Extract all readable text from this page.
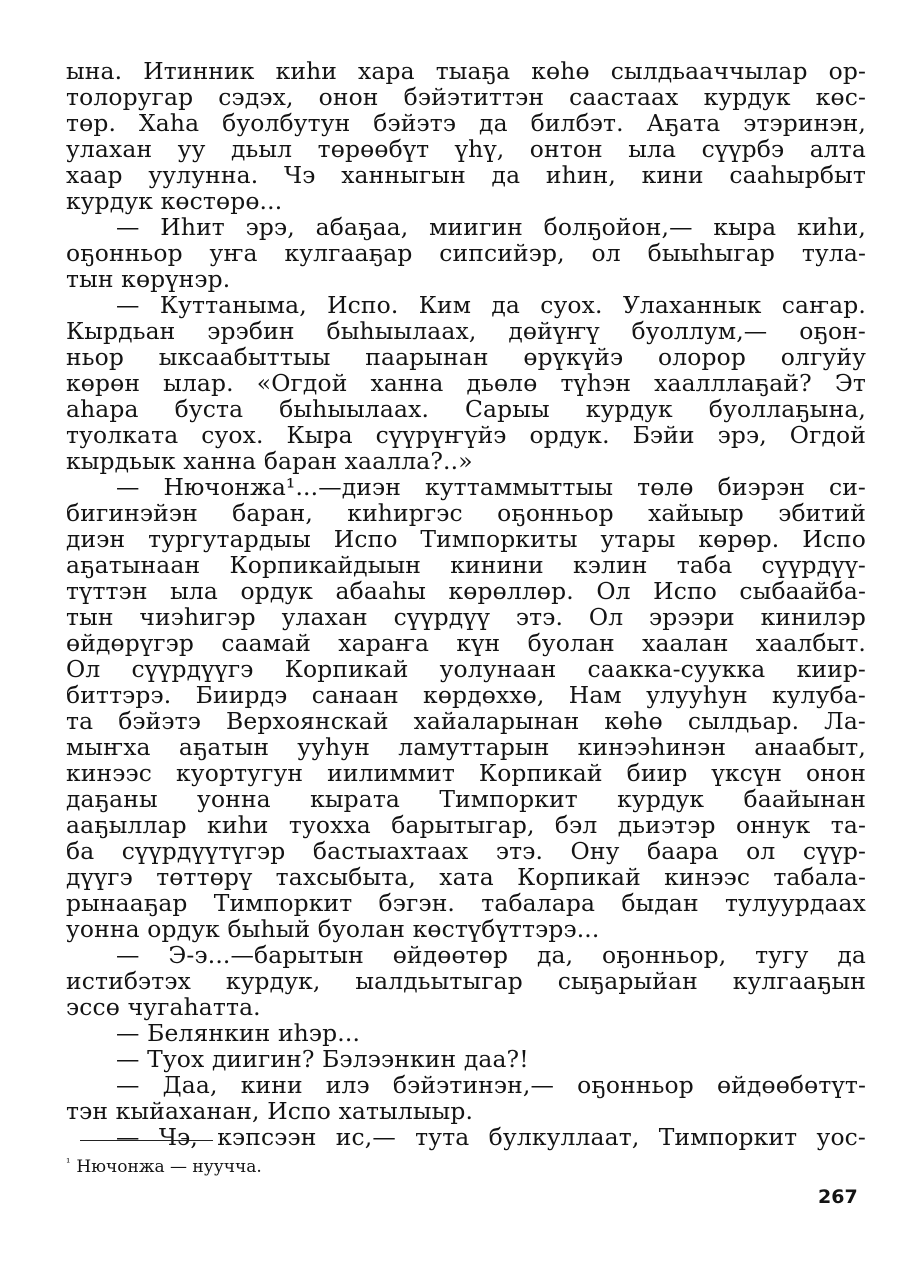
ына. Итинник киһи хара тыаҕа көһө сылдьааччылар ор-
толоругар сэдэх, онон бэйэтиттэн саастаах курдук көс-
төр. Хаһа буолбутун бэйэтэ да билбэт. Аҕата этэринэн,
улахан уу дьыл төрөөбүт үһү, онтон ыла сүүрбэ алта
хаар уулунна. Чэ ханныгын да иһин, кини сааһырбыт
курдук көстөрө...
— Иһит эрэ, абаҕаа, миигин болҕойон,— кыра киһи,
оҕонньор уҥа кулгааҕар сипсийэр, ол быыһыгар тула-
тын көрүнэр.
— Куттаныма, Испо. Ким да суох. Улаханнык саҥар.
Кырдьан эрэбин быһыылаах, дөйүҥү буоллум,— оҕон-
ньор ыксаабыттыы паарынан өрүкүйэ олорор олгуйу
көрөн ылар. «Огдой ханна дьөлө түһэн хаалллаҕай? Эт
аһара буста быһыылаах. Сарыы курдук буоллаҕына,
туолката суох. Кыра сүүрүҥүйэ ордук. Бэйи эрэ, Огдой
кырдьык ханна баран хаалла?..»
— Нючонжа¹...—диэн куттаммыттыы төлө биэрэн си-
бигинэйэн баран, киһиргэс оҕонньор хайыыр эбитий
диэн тургутардыы Испо Тимпоркиты утары көрөр. Испо
аҕатынаан Корпикайдыын кинини кэлин таба сүүрдүү-
түттэн ыла ордук абааһы көрөллөр. Ол Испо сыбаайба-
тын чиэһигэр улахан сүүрдүү этэ. Ол эрээри кинилэр
өйдөрүгэр саамай хараҥа күн буолан хаалан хаалбыт.
Ол сүүрдүүгэ Корпикай уолунаан саакка-суукка киир-
биттэрэ. Биирдэ санаан көрдөххө, Нам улууһун кулуба-
та бэйэтэ Верхоянскай хайаларынан көһө сылдьар. Ла-
мыҥха аҕатын ууһун ламуттарын кинээһинэн анаабыт,
кинээс куортугун иилиммит Корпикай биир үксүн онон
даҕаны уонна кырата Тимпоркит курдук баайынан
ааҕыллар киһи туохха барытыгар, бэл дьиэтэр оннук та-
ба сүүрдүүтүгэр бастыахтаах этэ. Ону баара ол сүүр-
дүүгэ төттөрү тахсыбыта, хата Корпикай кинээс табала-
рынааҕар Тимпоркит бэгэн. табалара быдан тулуурдаах
уонна ордук быһый буолан көстүбүттэрэ...
— Э-э...—барытын өйдөөтөр да, оҕонньор, тугу да
истибэтэх курдук, ыалдьытыгар сыҕарыйан кулгааҕын
эссө чугаһатта.
— Белянкин иһэр...
— Туох диигин? Бэлээнкин даа?!
— Даа, кини илэ бэйэтинэн,— оҕонньор өйдөөбөтүт-
тэн кыйаханан, Испо хатылыыр.
— Чэ, кэпсээн ис,— тута булкуллаат, Тимпоркит уос-
$^{^1}$ Нючонжа — нуучча.
267
